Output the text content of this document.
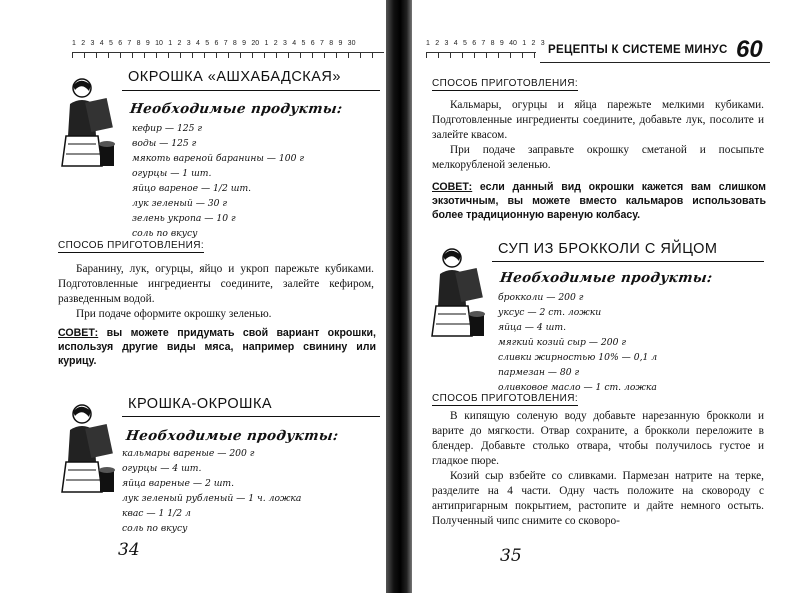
1 2 3 4 5 6 7 8 9 10 1 2 3 4 5 6 7 8 9 20 1 2 3 4 5 6 7 8 9 30
ОКРОШКА «АШХАБАДСКАЯ»
Необходимые продукты:
кефир — 125 г
воды — 125 г
мякоть вареной баранины — 100 г
огурцы — 1 шт.
яйцо вареное — 1/2 шт.
лук зеленый — 30 г
зелень укропа — 10 г
соль по вкусу
СПОСОБ ПРИГОТОВЛЕНИЯ:

Баранину, лук, огурцы, яйцо и укроп парежьте кубиками. Подготовленные ингредиенты соедините, залейте кефиром, разведенным водой.

При подаче оформите окрошку зеленью.

СОВЕТ: вы можете придумать свой вариант окрошки, используя другие виды мяса, например свинину или курицу.
КРОШКА-ОКРОШКА
Необходимые продукты:
кальмары вареные — 200 г
огурцы — 4 шт.
яйца вареные — 2 шт.
лук зеленый рубленый — 1 ч. ложка
квас — 1 1/2 л
соль по вкусу
34
1 2 3 4 5 6 7 8 9 40 1 2 3
РЕЦЕПТЫ К СИСТЕМЕ МИНУС 60
СПОСОБ ПРИГОТОВЛЕНИЯ:

Кальмары, огурцы и яйца парежьте мелкими кубиками. Подготовленные ингредиенты соедините, добавьте лук, посолите и залейте квасом.

При подаче заправьте окрошку сметаной и посыпьте мелкорубленой зеленью.

СОВЕТ: если данный вид окрошки кажется вам слишком экзотичным, вы можете вместо кальмаров использовать более традиционную вареную колбасу.
СУП ИЗ БРОККОЛИ С ЯЙЦОМ
Необходимые продукты:
брокколи — 200 г
уксус — 2 ст. ложки
яйца — 4 шт.
мягкий козий сыр — 200 г
сливки жирностью 10% — 0,1 л
пармезан — 80 г
оливковое масло — 1 ст. ложка
СПОСОБ ПРИГОТОВЛЕНИЯ:

В кипящую соленую воду добавьте нарезанную брокколи и варите до мягкости. Отвар сохраните, а брокколи переложите в блендер. Добавьте столько отвара, чтобы получилось густое и гладкое пюре.

Козий сыр взбейте со сливками. Пармезан натрите на терке, разделите на 4 части. Одну часть положите на сковороду с антипригарным покрытием, растопите и дайте немного остыть. Полученный чипс снимите со сковоро-

35
